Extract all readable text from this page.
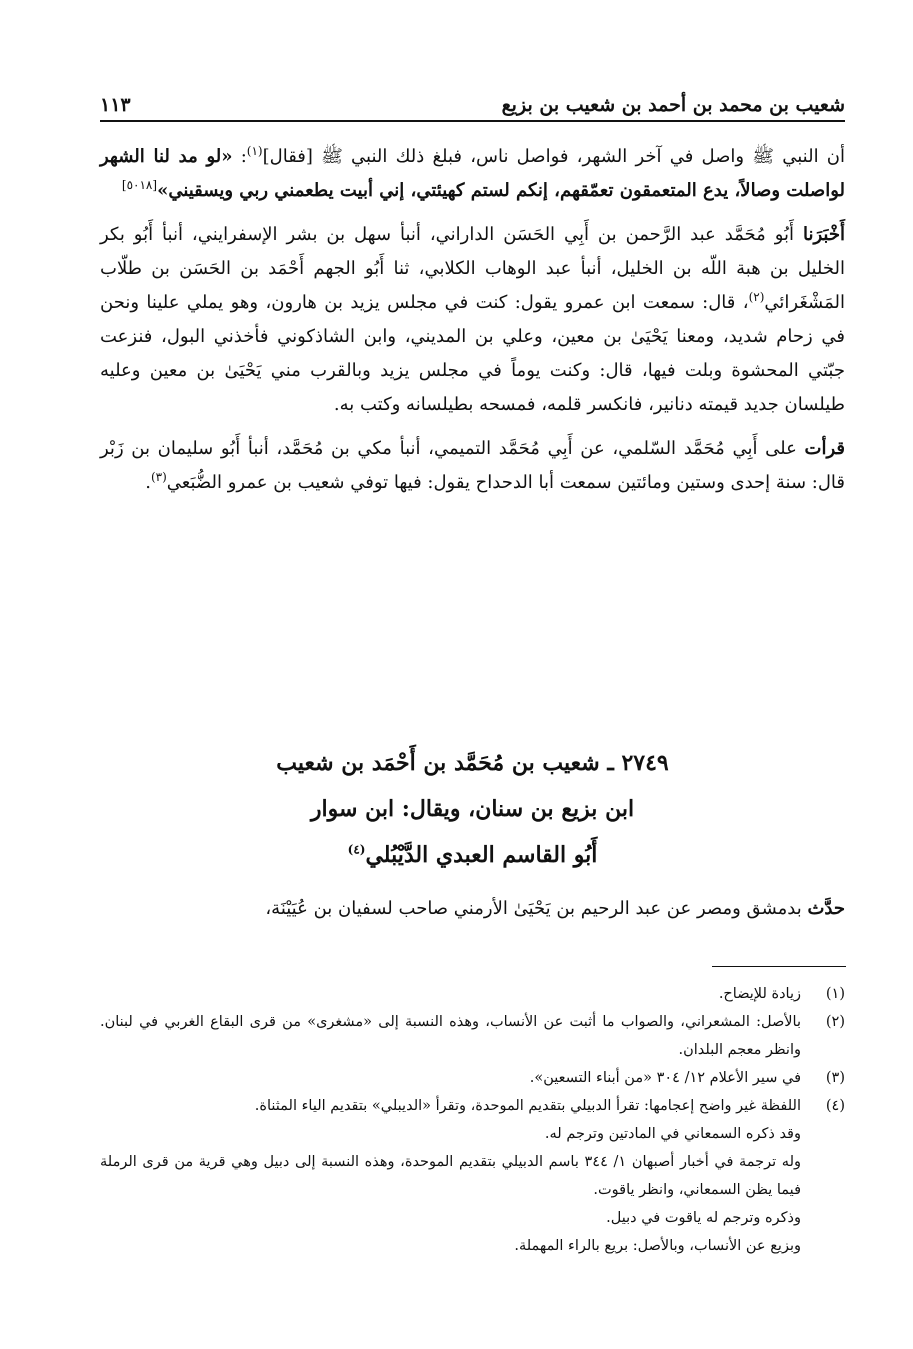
شعيب بن محمد بن أحمد بن شعيب بن بزيع
١١٣

أن النبي ﷺ واصل في آخر الشهر، فواصل ناس، فبلغ ذلك النبي ﷺ [فقال]$^{(١)}$: «لو مد لنا الشهر لواصلت وصالاً، يدع المتعمقون تعمّقهم، إنكم لستم كهيئتي، إني أبيت يطعمني ربي ويسقيني»[٥٠١٨]

أَخْبَرَنا أَبُو مُحَمَّد عبد الرَّحمن بن أَبِي الحَسَن الداراني، أنبأ سهل بن بشر الإسفرايني، أنبأ أَبُو بكر الخليل بن هبة اللّه بن الخليل، أنبأ عبد الوهاب الكلابي، ثنا أَبُو الجهم أَحْمَد بن الحَسَن بن طلّاب المَشْغَرائي$^{(٢)}$، قال: سمعت ابن عمرو يقول: كنت في مجلس يزيد بن هارون، وهو يملي علينا ونحن في زحام شديد، ومعنا يَحْيَىٰ بن معين، وعلي بن المديني، وابن الشاذكوني فأخذني البول، فنزعت جبّتي المحشوة وبلت فيها، قال: وكنت يوماً في مجلس يزيد وبالقرب مني يَحْيَىٰ بن معين وعليه طيلسان جديد قيمته دنانير، فانكسر قلمه، فمسحه بطيلسانه وكتب به.

قرأت على أَبِي مُحَمَّد السّلمي، عن أَبِي مُحَمَّد التميمي، أنبأ مكي بن مُحَمَّد، أنبأ أَبُو سليمان بن زَبْر قال: سنة إحدى وستين ومائتين سمعت أبا الدحداح يقول: فيها توفي شعيب بن عمرو الضُّبَعي$^{(٣)}$.

٢٧٤٩ ـ شعيب بن مُحَمَّد بن أَحْمَد بن شعيب
ابن بزيع بن سنان، ويقال: ابن سوار
أَبُو القاسم العبدي الدَّيْبُلي$^{(٤)}$
حدَّث بدمشق ومصر عن عبد الرحيم بن يَحْيَىٰ الأرمني صاحب لسفيان بن عُيَيْنَة،
(١)
زيادة للإيضاح.
(٢)
بالأصل: المشعراني، والصواب ما أثبت عن الأنساب، وهذه النسبة إلى «مشغرى» من قرى البقاع الغربي في لبنان. وانظر معجم البلدان.
(٣)
في سير الأعلام ١٢/ ٣٠٤ «من أبناء التسعين».
(٤)
اللفظة غير واضح إعجامها: تقرأ الدبيلي بتقديم الموحدة، وتقرأ «الديبلي» بتقديم الياء المثناة.
وقد ذكره السمعاني في المادتين وترجم له.
وله ترجمة في أخبار أصبهان ١/ ٣٤٤ باسم الدبيلي بتقديم الموحدة، وهذه النسبة إلى دبيل وهي قرية من قرى الرملة فيما يظن السمعاني، وانظر ياقوت.
وذكره وترجم له ياقوت في دبيل.
وبزيع عن الأنساب، وبالأصل: بريع بالراء المهملة.
